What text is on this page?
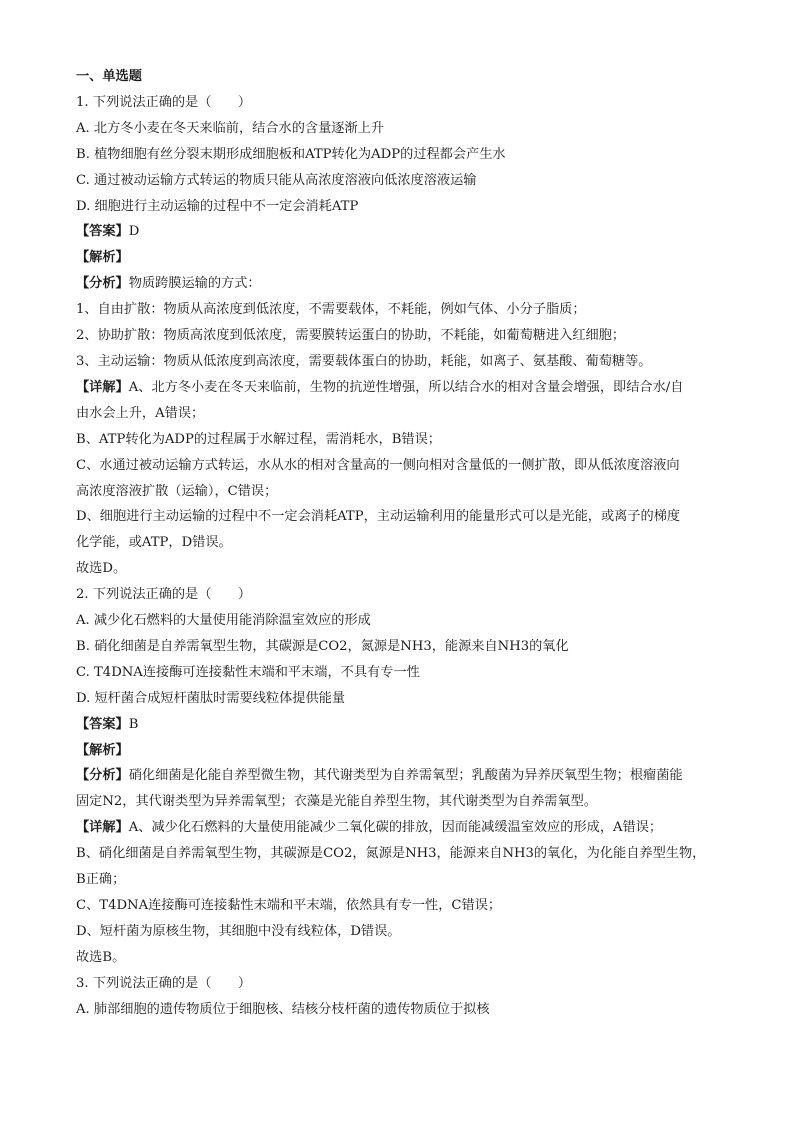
一、单选题
1. 下列说法正确的是（　　）
A. 北方冬小麦在冬天来临前，结合水的含量逐渐上升
B. 植物细胞有丝分裂末期形成细胞板和ATP转化为ADP的过程都会产生水
C. 通过被动运输方式转运的物质只能从高浓度溶液向低浓度溶液运输
D. 细胞进行主动运输的过程中不一定会消耗ATP
【答案】D
【解析】
【分析】物质跨膜运输的方式：
1、自由扩散：物质从高浓度到低浓度，不需要载体，不耗能，例如气体、小分子脂质；
2、协助扩散：物质高浓度到低浓度，需要膜转运蛋白的协助，不耗能，如葡萄糖进入红细胞；
3、主动运输：物质从低浓度到高浓度，需要载体蛋白的协助，耗能，如离子、氨基酸、葡萄糖等。
【详解】A、北方冬小麦在冬天来临前，生物的抗逆性增强，所以结合水的相对含量会增强，即结合水/自
由水会上升，A错误；
B、ATP转化为ADP的过程属于水解过程，需消耗水，B错误；
C、水通过被动运输方式转运，水从水的相对含量高的一侧向相对含量低的一侧扩散，即从低浓度溶液向
高浓度溶液扩散（运输），C错误；
D、细胞进行主动运输的过程中不一定会消耗ATP，主动运输利用的能量形式可以是光能，或离子的梯度
化学能，或ATP，D错误。
故选D。
2. 下列说法正确的是（　　）
A. 减少化石燃料的大量使用能消除温室效应的形成
B. 硝化细菌是自养需氧型生物，其碳源是CO2，氮源是NH3，能源来自NH3的氧化
C. T4DNA连接酶可连接黏性末端和平末端，不具有专一性
D. 短杆菌合成短杆菌肽时需要线粒体提供能量
【答案】B
【解析】
【分析】硝化细菌是化能自养型微生物，其代谢类型为自养需氧型；乳酸菌为异养厌氧型生物；根瘤菌能
固定N2，其代谢类型为异养需氧型；衣藻是光能自养型生物，其代谢类型为自养需氧型。
【详解】A、减少化石燃料的大量使用能减少二氧化碳的排放，因而能减缓温室效应的形成，A错误；
B、硝化细菌是自养需氧型生物，其碳源是CO2，氮源是NH3，能源来自NH3的氧化，为化能自养型生物，
B正确；
C、T4DNA连接酶可连接黏性末端和平末端，依然具有专一性，C错误；
D、短杆菌为原核生物，其细胞中没有线粒体，D错误。
故选B。
3. 下列说法正确的是（　　）
A. 肺部细胞的遗传物质位于细胞核、结核分枝杆菌的遗传物质位于拟核
